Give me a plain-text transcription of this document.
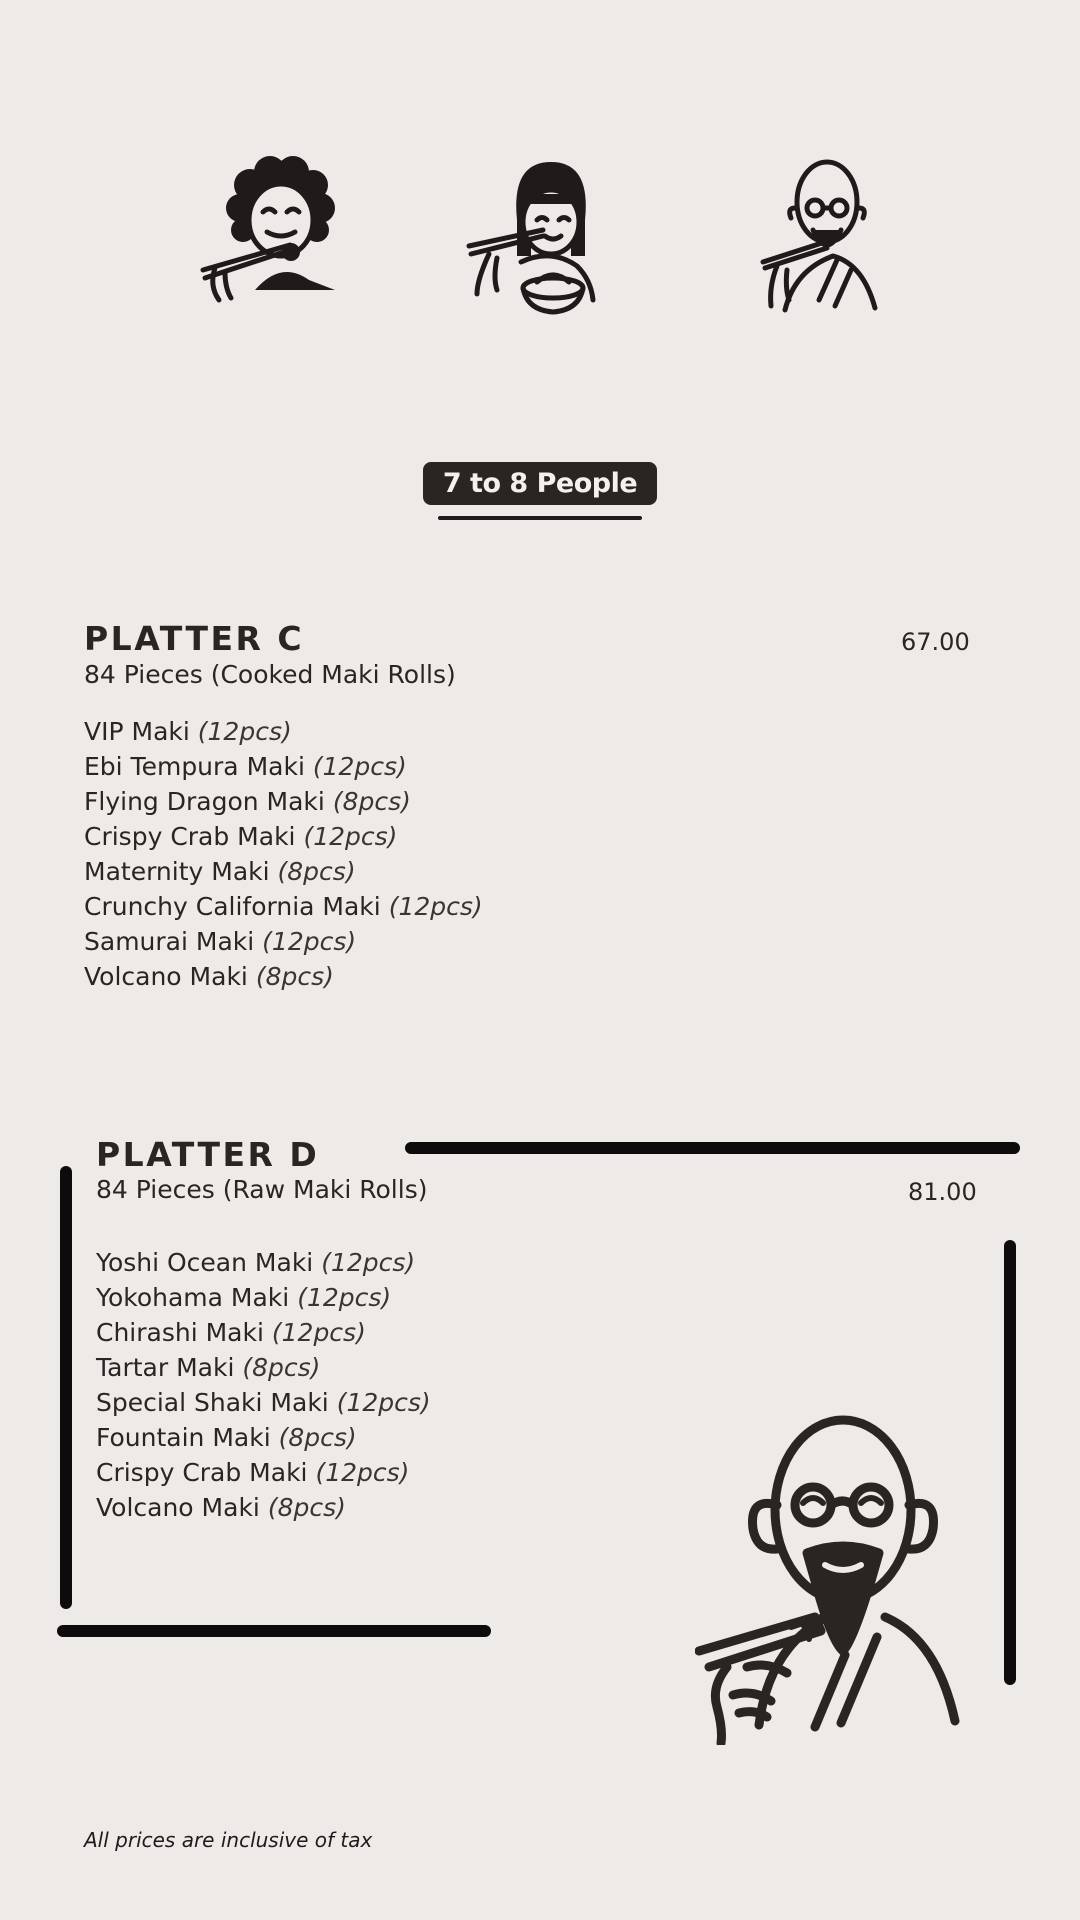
7 to 8 People
PLATTER C
84 Pieces (Cooked Maki Rolls)
67.00
VIP Maki (12pcs)
Ebi Tempura Maki (12pcs)
Flying Dragon Maki (8pcs)
Crispy Crab Maki (12pcs)
Maternity Maki (8pcs)
Crunchy California Maki (12pcs)
Samurai Maki (12pcs)
Volcano Maki (8pcs)
PLATTER D
84 Pieces (Raw Maki Rolls)	81.00
Yoshi Ocean Maki (12pcs)
Yokohama Maki (12pcs)
Chirashi Maki (12pcs)
Tartar Maki (8pcs)
Special Shaki Maki (12pcs)
Fountain Maki (8pcs)
Crispy Crab Maki (12pcs)
Volcano Maki (8pcs)
All prices are inclusive of tax
